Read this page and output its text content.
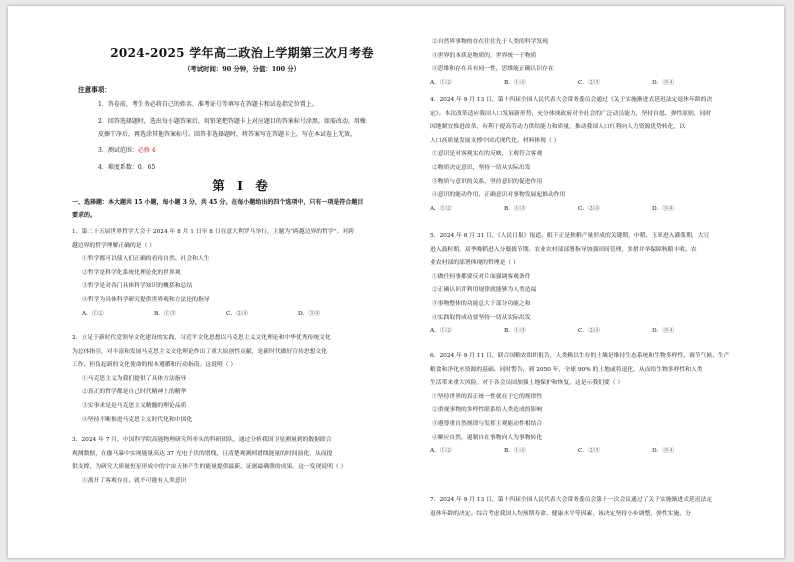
2024-2025 学年高二政治上学期第三次月考卷
（考试时间：90 分钟，分值：100 分）
注意事项：
1．答卷前，考生务必将自己的姓名、准考证号等填写在答题卡和试卷指定位置上。
2．回答选择题时，选出每小题答案后，用铅笔把答题卡上对应题目的答案标号涂黑。如需改动，用橡
皮擦干净后，再选涂其他答案标号。回答非选择题时，将答案写在答题卡上。写在本试卷上无效。
3．测试范围：必修 4
4．难度系数：0．65
第 Ⅰ 卷
一、选择题：本大题共 15 小题，每小题 3 分，共 45 分。在每小题给出的四个选项中，只有一项是符合题目
要求的。
1．第二十五届世界哲学大会于 2024 年 8 月 1 日至 8 日在意大利罗马举行，主题为“跨越边界的哲学”。对跨
越边界的哲学理解正确的是（ ）
①哲学都可以使人们正确的看待自然、社会和人生
②哲学是科学化系统化理论化的世界观
③哲学是对各门具体科学知识的概括和总结
④哲学为具体科学研究提供世界观和方法论的指导
A．①②	B．①③	C．②④	D．③④
2．立足于新时代党领导文化建设的实践，习近平文化思想以马克思主义文化理论和中华优秀传统文化
为总体指引，对丰富和发展马克思主义文化理论作出了重大原创性贡献，是新时代做好宣传思想文化
工作、担负起新的文化使命的根本遵循和行动指南。这说明（ ）
①马克思主义为我们提供了具体方法指导
②真正的哲学都是自己时代精神上的精华
③实事求是是马克思主义精髓的理论品质
④坚持不断推进马克思主义时代化和中国化
3．2024 年 7 月，中国科学院高能物理研究所牵头的科研团队，通过分析我国卫星测量到的数据联合
观测数据，在伽马暴中实现能量高达 37 光电子伏的谱线，且清楚观测到谱线能量的时间演化，从而提
供支撑，为研究大质量恒星形成中的宇宙天体产生的能量提供最新、证据最确凿的成果。这一发现说明（ ）
①离开了客观存在，就不可能有人类意识
②自然界事物的存在往往先于人类的科学发现
③世界的本质是物质的，世界统一于物质
④思维和存在具有同一性，思维能正确认识存在
A．①②	B．①④	C．②③	D．③④
4．2024 年 9 月 13 日，第十四届全国人民代表大会常务委员会通过《关于实施渐进式延迟法定退休年龄的决
定》。本次改革适应我国人口发展新形势，充分体现政府对全社会的广泛动员能力，坚持自愿、弹性原则，同时
因地制宜推进改革，有利于提高劳动力供给能力和质量，推动我国人口红利向人力资源优势转化，以
人口高质量发展支撑中国式现代化。材料体现（ ）
①意识是对客观实在的反映，主观符合客观
②物质决定意识，坚持一切从实际出发
③物质与意识的关系，坚持意识的促进作用
④意识的能动作用，正确意识对事物发展起推动作用
A．①②	B．①③	C．②④	D．③④
5．2024 年 8 月 31 日，《人民日报》报道，眼下正是秋粮产量形成的关键期，中稻、玉米进入灌浆期，大豆
进入鼓粒期，双季晚稻进入分蘖拔节期。农业农村部部署指导加强田间管理，多措并举保障秋粮丰收。农
业农村部的部署体现的哲理是（ ）
①做任何事都要反对片面强调客观条件
②正确认识并利用规律就能够为人类造福
③事物整体的功能总大于部分功能之和
④实践取得成功要坚持一切从实际出发
A．①②	B．①③	C．②④	D．③④
6．2024 年 9 月 11 日，联合国粮农组织报告，人类赖以生存的土壤是维持生态系统和生物多样性、调节气候、生产
粮食和净化水资源的基础。同时警告，到 2050 年，全球 90% 的土地或将退化，从而给生物多样性和人类
生活带来重大风险。对于各会员国加强土地保护和恢复，这是示我们要（ ）
①坚持世界的真正统一性就在于它的规律性
②重视事物的多样性联系给人类造成的影响
③遵尊重自然规律与发挥主观能动性相结合
④顺应自然，遏制自在事物向人为事物转化
A．①②	B．①④	C．②③	D．③④
7．2024 年 9 月 13 日，第十四届全国人民代表大会常务委员会第十一次会议通过了关于实施渐进式延迟法定
退休年龄的决定。综合考虑我国人均预期寿命、健康水平等因素，该决定坚持小步调整、弹性实施、分
